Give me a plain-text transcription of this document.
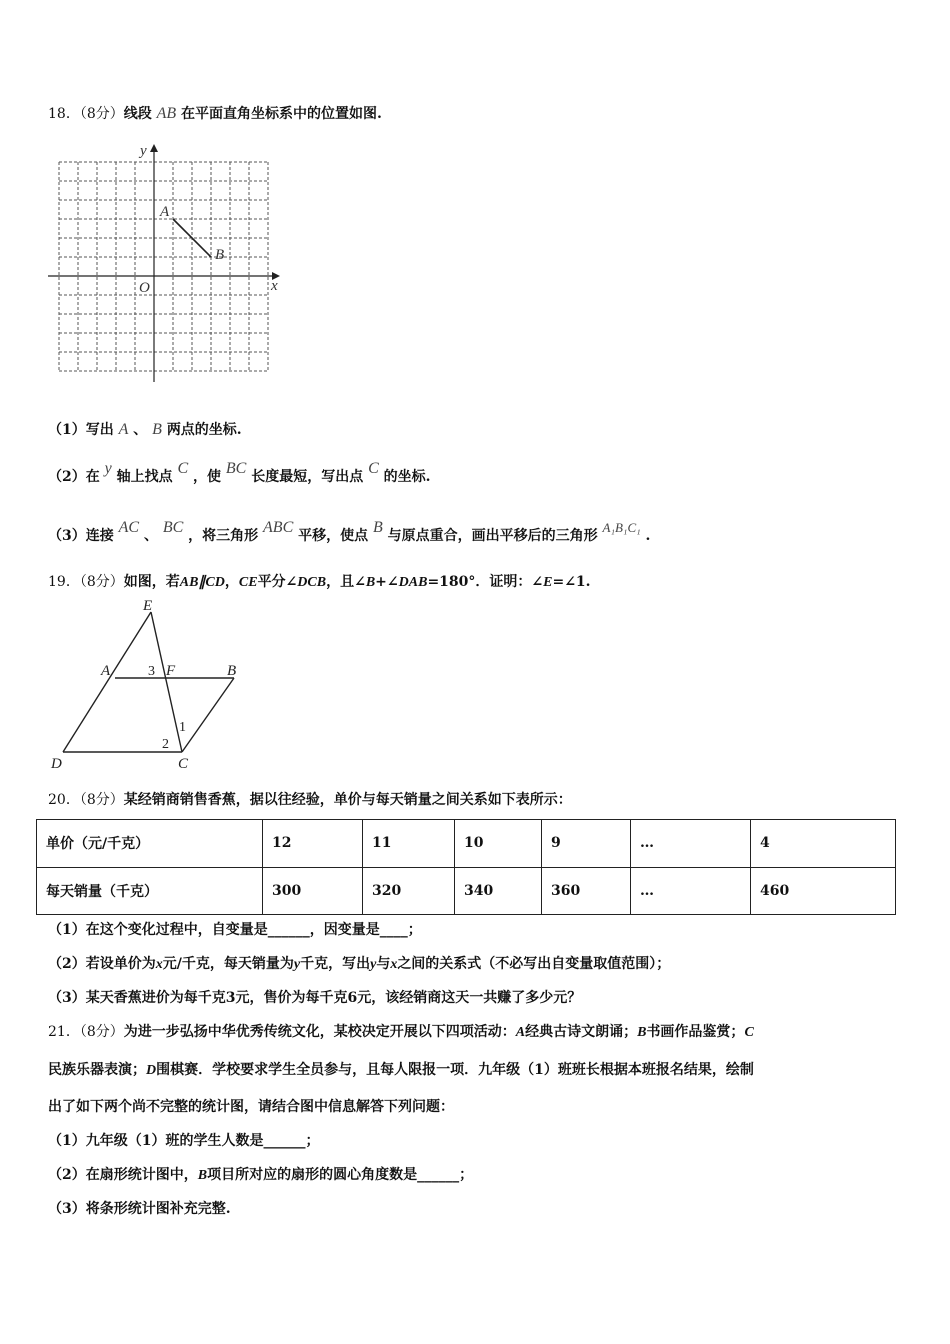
18．（8分）线段 AB 在平面直角坐标系中的位置如图.
y
x
O
A
B
（1）写出 A 、 B 两点的坐标.
（2）在 y 轴上找点 C ，使 BC 长度最短，写出点 C 的坐标.
（3）连接 AC 、 BC ，将三角形 ABC 平移，使点 B 与原点重合，画出平移后的三角形 A₁B₁C₁ .
19．（8分）如图，若AB∥CD，CE平分∠DCB，且∠B+∠DAB=180°．证明：∠E=∠1.
E
A	3 F	B
1
2
D	C
20．（8分）某经销商销售香蕉，据以往经验，单价与每天销量之间关系如下表所示：
单价（元/千克）	12	11	10	9	…	4
每天销量（千克）	300	320	340	360	…	460
（1）在这个变化过程中，自变量是______，因变量是____；
（2）若设单价为x元/千克，每天销量为y千克，写出y与x之间的关系式（不必写出自变量取值范围）；
（3）某天香蕉进价为每千克3元，售价为每千克6元，该经销商这天一共赚了多少元？
21．（8分）为进一步弘扬中华优秀传统文化，某校决定开展以下四项活动：A经典古诗文朗诵；B书画作品鉴赏；C
民族乐器表演；D围棋赛．学校要求学生全员参与，且每人限报一项．九年级（1）班班长根据本班报名结果，绘制
出了如下两个尚不完整的统计图，请结合图中信息解答下列问题：
（1）九年级（1）班的学生人数是______；
（2）在扇形统计图中，B项目所对应的扇形的圆心角度数是______；
（3）将条形统计图补充完整.
